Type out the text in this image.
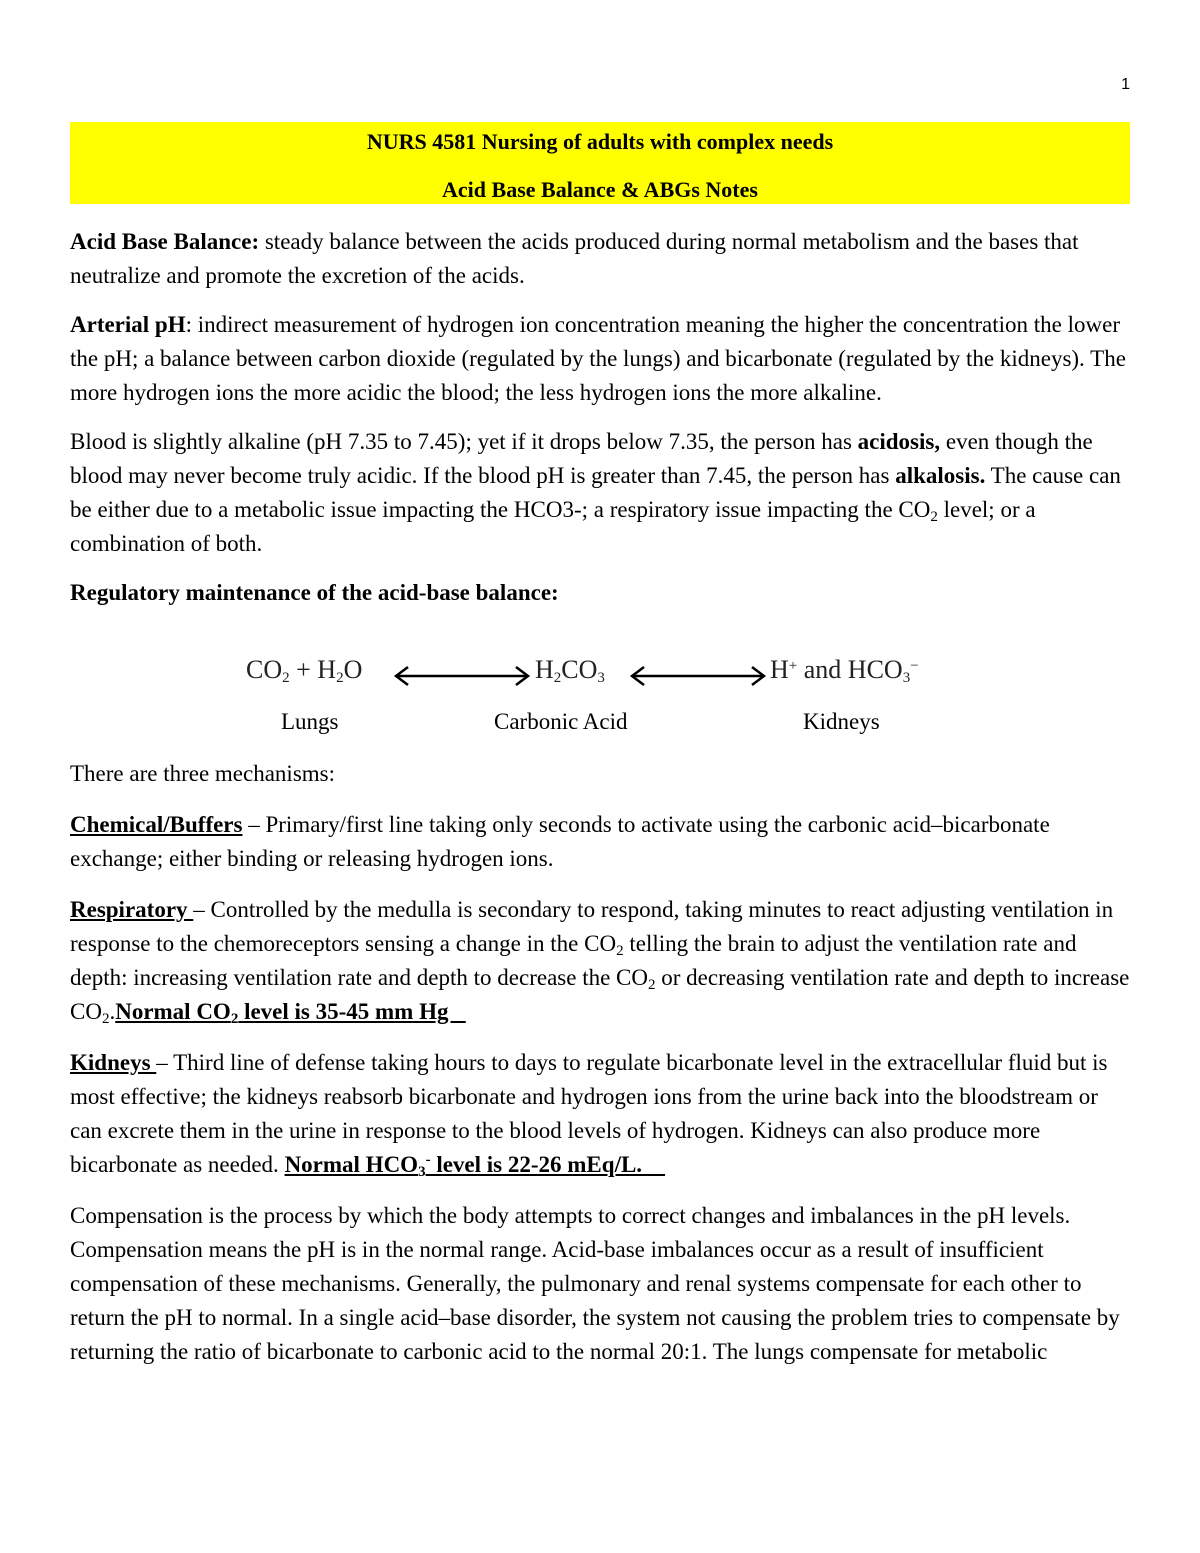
1
NURS 4581 Nursing of adults with complex needs
Acid Base Balance & ABGs Notes

Acid Base Balance: steady balance between the acids produced during normal metabolism and the bases that neutralize and promote the excretion of the acids.

Arterial pH: indirect measurement of hydrogen ion concentration meaning the higher the concentration the lower the pH; a balance between carbon dioxide (regulated by the lungs) and bicarbonate (regulated by the kidneys). The more hydrogen ions the more acidic the blood; the less hydrogen ions the more alkaline.

Blood is slightly alkaline (pH 7.35 to 7.45); yet if it drops below 7.35, the person has acidosis, even though the blood may never become truly acidic. If the blood pH is greater than 7.45, the person has alkalosis. The cause can be either due to a metabolic issue impacting the HCO3-; a respiratory issue impacting the $CO_2$ level; or a combination of both.

Regulatory maintenance of the acid-base balance:

$CO_2 + H_2O$	$H_2CO_3$	H+ and $HCO_3^-$
Lungs	Carbonic Acid	Kidneys

There are three mechanisms:

Chemical/Buffers – Primary/first line taking only seconds to activate using the carbonic acid–bicarbonate exchange; either binding or releasing hydrogen ions.

Respiratory – Controlled by the medulla is secondary to respond, taking minutes to react adjusting ventilation in response to the chemoreceptors sensing a change in the $CO_2$ telling the brain to adjust the ventilation rate and depth: increasing ventilation rate and depth to decrease the $CO_2$ or decreasing ventilation rate and depth to increase $CO_2.Normal$ $CO_2$ level is 35-45 mm Hg

Kidneys – Third line of defense taking hours to days to regulate bicarbonate level in the extracellular fluid but is most effective; the kidneys reabsorb bicarbonate and hydrogen ions from the urine back into the bloodstream or can excrete them in the urine in response to the blood levels of hydrogen. Kidneys can also produce more bicarbonate as needed. Normal $HCO_3^-$ level is 22-26 mEq/L.

Compensation is the process by which the body attempts to correct changes and imbalances in the pH levels. Compensation means the pH is in the normal range. Acid-base imbalances occur as a result of insufficient compensation of these mechanisms. Generally, the pulmonary and renal systems compensate for each other to return the pH to normal. In a single acid–base disorder, the system not causing the problem tries to compensate by returning the ratio of bicarbonate to carbonic acid to the normal 20:1. The lungs compensate for metabolic
